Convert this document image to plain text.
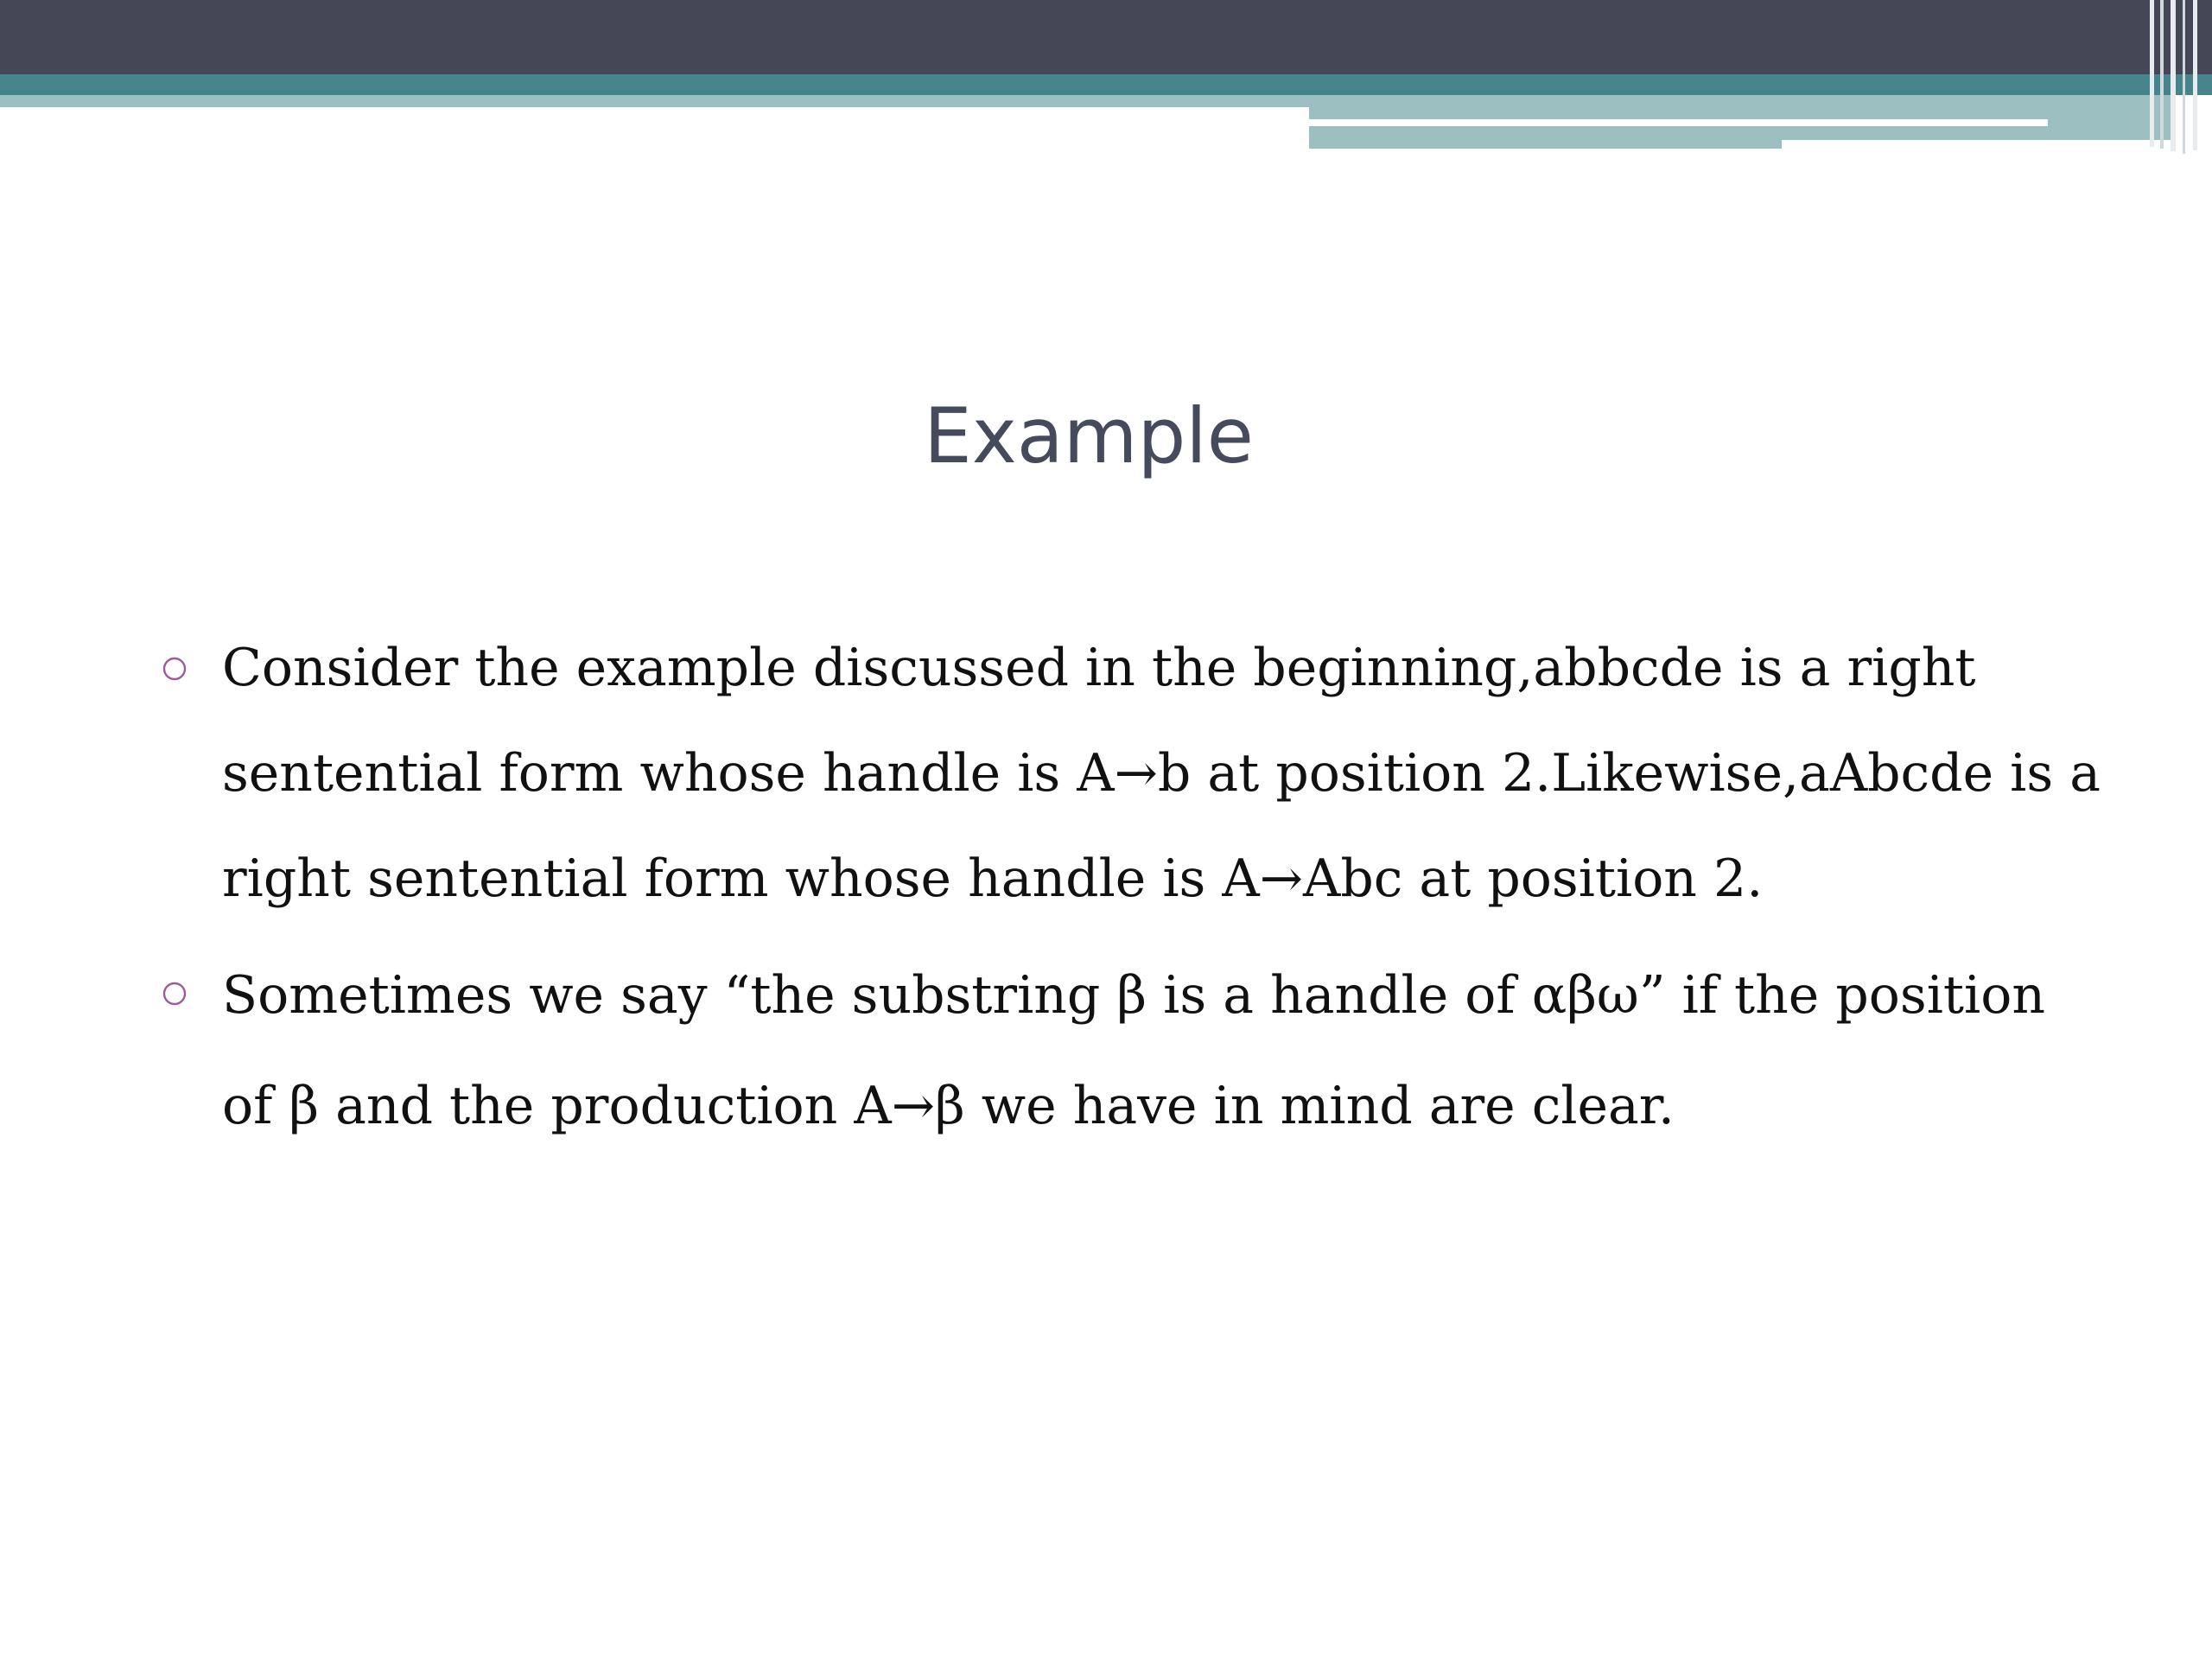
Example
Consider the example discussed in the beginning,abbcde is a right sentential form whose handle is A→b at position 2.Likewise,aAbcde is a right sentential form whose handle is A→Abc at position 2.
Sometimes we say “the substring β is a handle of αβω” if the position of β and the production A→β we have in mind are clear.
